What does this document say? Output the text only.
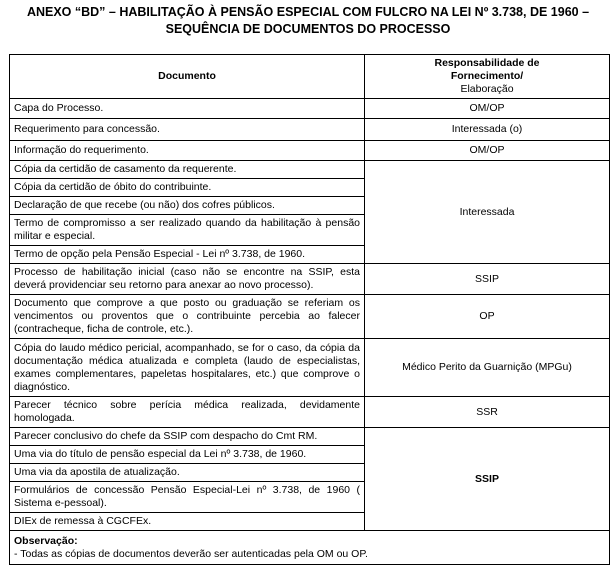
ANEXO “BD” – HABILITAÇÃO À PENSÃO ESPECIAL COM FULCRO NA LEI Nº 3.738, DE 1960 –
SEQUÊNCIA DE DOCUMENTOS DO PROCESSO
Documento	Responsabilidade de
Fornecimento/
Elaboração

Capa do Processo.	OM/OP
Requerimento para concessão.	Interessada (o)
Informação do requerimento.	OM/OP
Cópia da certidão de casamento da requerente.	Interessada
Cópia da certidão de óbito do contribuinte.	
Declaração de que recebe (ou não) dos cofres públicos.	
Termo de compromisso a ser realizado quando da habilitação à pensão militar e especial.	
Termo de opção pela Pensão Especial - Lei nº 3.738, de 1960.	
Processo de habilitação inicial (caso não se encontre na SSIP, esta deverá providenciar seu retorno para anexar ao novo processo).	SSIP
Documento que comprove a que posto ou graduação se referiam os vencimentos ou proventos que o contribuinte percebia ao falecer (contracheque, ficha de controle, etc.).	OP
Cópia do laudo médico pericial, acompanhado, se for o caso, da cópia da documentação médica atualizada e completa (laudo de especialistas, exames complementares, papeletas hospitalares, etc.) que comprove o diagnóstico.	Médico Perito da Guarnição (MPGu)
Parecer técnico sobre perícia médica realizada, devidamente homologada.	SSR
Parecer conclusivo do chefe da SSIP com despacho do Cmt RM.	SSIP
Uma via do título de pensão especial da Lei nº 3.738, de 1960.	
Uma via da apostila de atualização.	
Formulários de concessão Pensão Especial-Lei nº 3.738, de 1960 ( Sistema e-pessoal).	
DIEx de remessa à CGCFEx.	

Observação:
- Todas as cópias de documentos deverão ser autenticadas pela OM ou OP.	
